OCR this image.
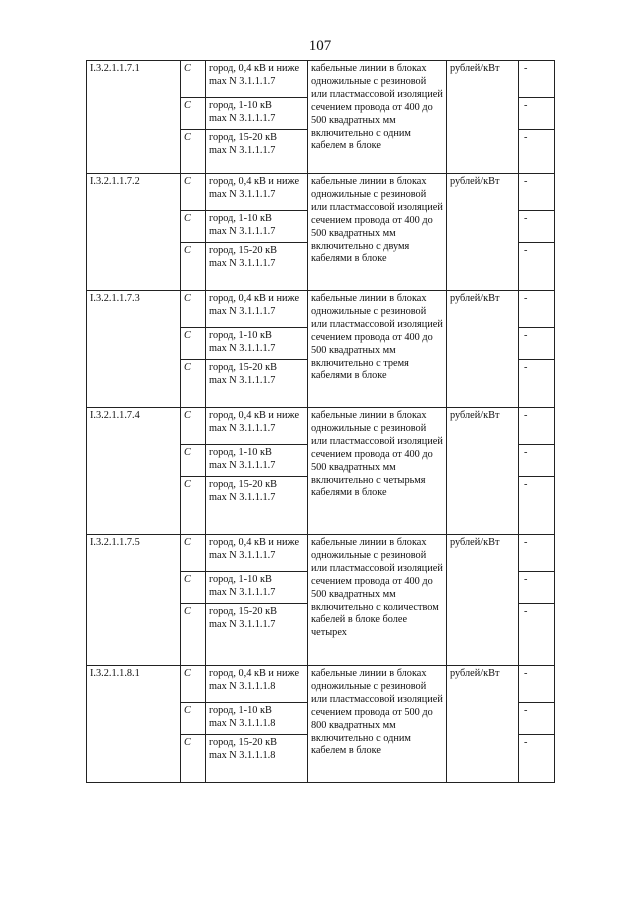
107
I.3.2.1.1.7.1	C	город, 0,4 кВ и ниже
max N 3.1.1.1.7	кабельные линии в блоках одножильные с резиновой или пластмассовой изоляцией сечением провода от 400 до 500 квадратных мм включительно с одним кабелем в блоке	рублей/кВт	-
	C	город, 1-10 кВ
max N 3.1.1.1.7			-
	C	город, 15-20 кВ
max N 3.1.1.1.7			-
I.3.2.1.1.7.2	C	город, 0,4 кВ и ниже
max N 3.1.1.1.7	кабельные линии в блоках одножильные с резиновой или пластмассовой изоляцией сечением провода от 400 до 500 квадратных мм включительно с двумя кабелями в блоке	рублей/кВт	-
	C	город, 1-10 кВ
max N 3.1.1.1.7			-
	C	город, 15-20 кВ
max N 3.1.1.1.7			-
I.3.2.1.1.7.3	C	город, 0,4 кВ и ниже
max N 3.1.1.1.7	кабельные линии в блоках одножильные с резиновой или пластмассовой изоляцией сечением провода от 400 до 500 квадратных мм включительно с тремя кабелями в блоке	рублей/кВт	-
	C	город, 1-10 кВ
max N 3.1.1.1.7			-
	C	город, 15-20 кВ
max N 3.1.1.1.7			-
I.3.2.1.1.7.4	C	город, 0,4 кВ и ниже
max N 3.1.1.1.7	кабельные линии в блоках одножильные с резиновой или пластмассовой изоляцией сечением провода от 400 до 500 квадратных мм включительно с четырьмя кабелями в блоке	рублей/кВт	-
	C	город, 1-10 кВ
max N 3.1.1.1.7			-
	C	город, 15-20 кВ
max N 3.1.1.1.7			-
I.3.2.1.1.7.5	C	город, 0,4 кВ и ниже
max N 3.1.1.1.7	кабельные линии в блоках одножильные с резиновой или пластмассовой изоляцией сечением провода от 400 до 500 квадратных мм включительно с количеством кабелей в блоке более четырех	рублей/кВт	-
	C	город, 1-10 кВ
max N 3.1.1.1.7			-
	C	город, 15-20 кВ
max N 3.1.1.1.7			-
I.3.2.1.1.8.1	C	город, 0,4 кВ и ниже
max N 3.1.1.1.8	кабельные линии в блоках одножильные с резиновой или пластмассовой изоляцией сечением провода от 500 до 800 квадратных мм включительно с одним кабелем в блоке	рублей/кВт	-
	C	город, 1-10 кВ
max N 3.1.1.1.8			-
	C	город, 15-20 кВ
max N 3.1.1.1.8			-
